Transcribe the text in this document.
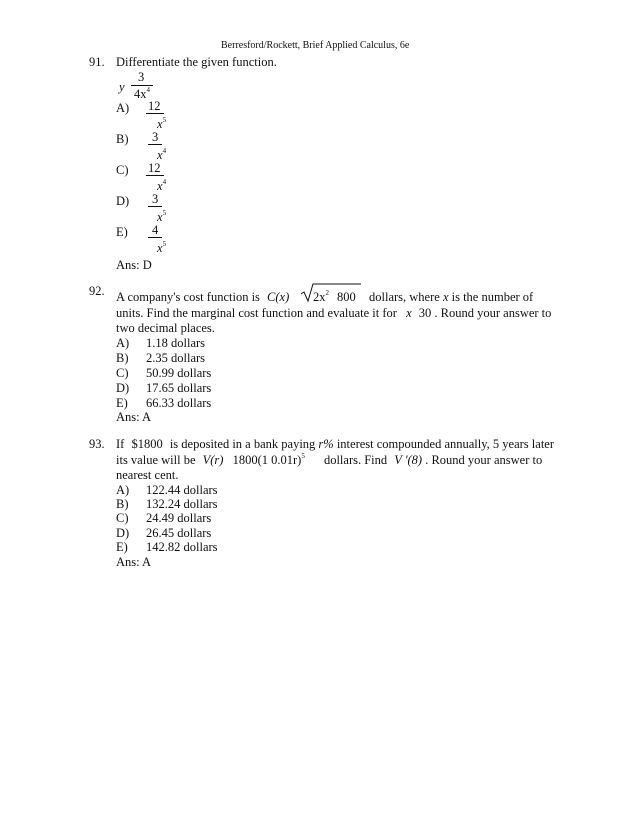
Berresford/Rockett, Brief Applied Calculus, 6e
91. Differentiate the given function.
y
3
$4x^4$
A) 12
$x^5$
B) 3
$x^4$
C) 12
$x^4$
D) 3
$x^5$
E) 4
$x^5$
Ans: D
92. A company's cost function is C(x) $2x^2$ 800 dollars, where x is the number of
units. Find the marginal cost function and evaluate it for x 30 . Round your answer to
two decimal places.
A) 1.18 dollars
B) 2.35 dollars
C) 50.99 dollars
D) 17.65 dollars
E) 66.33 dollars
Ans: A
93. If $1800 is deposited in a bank paying r% interest compounded annually, 5 years later
its value will be V(r) 1800(1 0.01r)$^5$ dollars. Find V '(8) . Round your answer to
nearest cent.
A) 122.44 dollars
B) 132.24 dollars
C) 24.49 dollars
D) 26.45 dollars
E) 142.82 dollars
Ans: A
